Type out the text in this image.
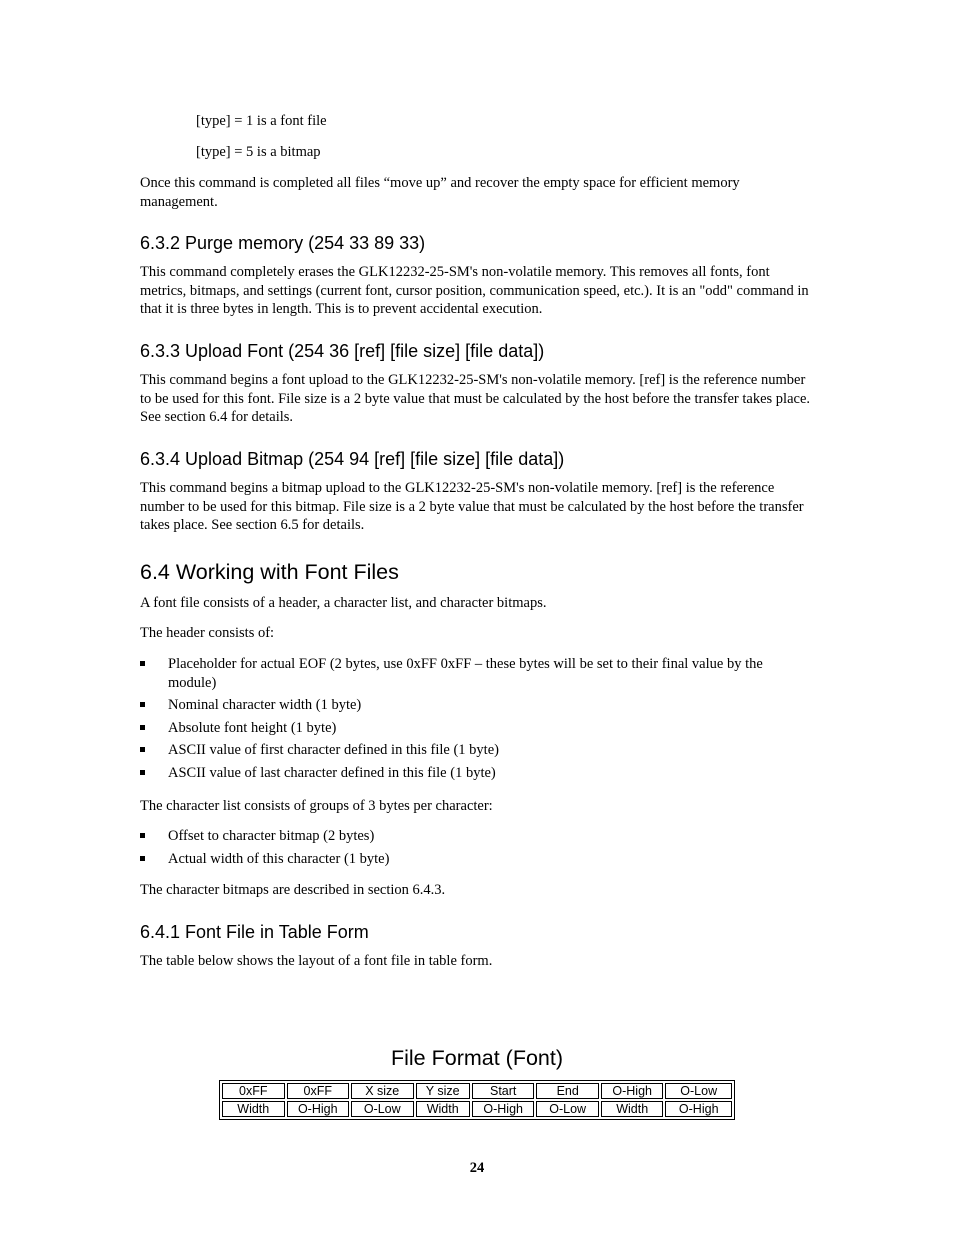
[type] = 1 is a font file

[type] = 5 is a bitmap

Once this command is completed all files “move up” and recover the empty space for efficient memory management.

6.3.2 Purge memory (254 33 89 33)

This command completely erases the GLK12232-25-SM's non-volatile memory. This removes all fonts, font metrics, bitmaps, and settings (current font, cursor position, communication speed, etc.). It is an "odd" command in that it is three bytes in length. This is to prevent accidental execution.

6.3.3 Upload Font (254 36 [ref] [file size] [file data])

This command begins a font upload to the GLK12232-25-SM's non-volatile memory. [ref] is the reference number to be used for this font. File size is a 2 byte value that must be calculated by the host before the transfer takes place. See section 6.4 for details.

6.3.4 Upload Bitmap (254 94 [ref] [file size] [file data])

This command begins a bitmap upload to the GLK12232-25-SM's non-volatile memory. [ref] is the reference number to be used for this bitmap. File size is a 2 byte value that must be calculated by the host before the transfer takes place. See section 6.5 for details.

6.4 Working with Font Files

A font file consists of a header, a character list, and character bitmaps.

The header consists of:

Placeholder for actual EOF (2 bytes, use 0xFF 0xFF – these bytes will be set to their final value by the module)
Nominal character width (1 byte)
Absolute font height (1 byte)
ASCII value of first character defined in this file (1 byte)
ASCII value of last character defined in this file (1 byte)

The character list consists of groups of 3 bytes per character:

Offset to character bitmap (2 bytes)
Actual width of this character (1 byte)

The character bitmaps are described in section 6.4.3.

6.4.1 Font File in Table Form

The table below shows the layout of a font file in table form.

File Format (Font)
0xFF	0xFF	X size	Y size	Start	End	O-High	O-Low
Width	O-High	O-Low	Width	O-High	O-Low	Width	O-High
24
